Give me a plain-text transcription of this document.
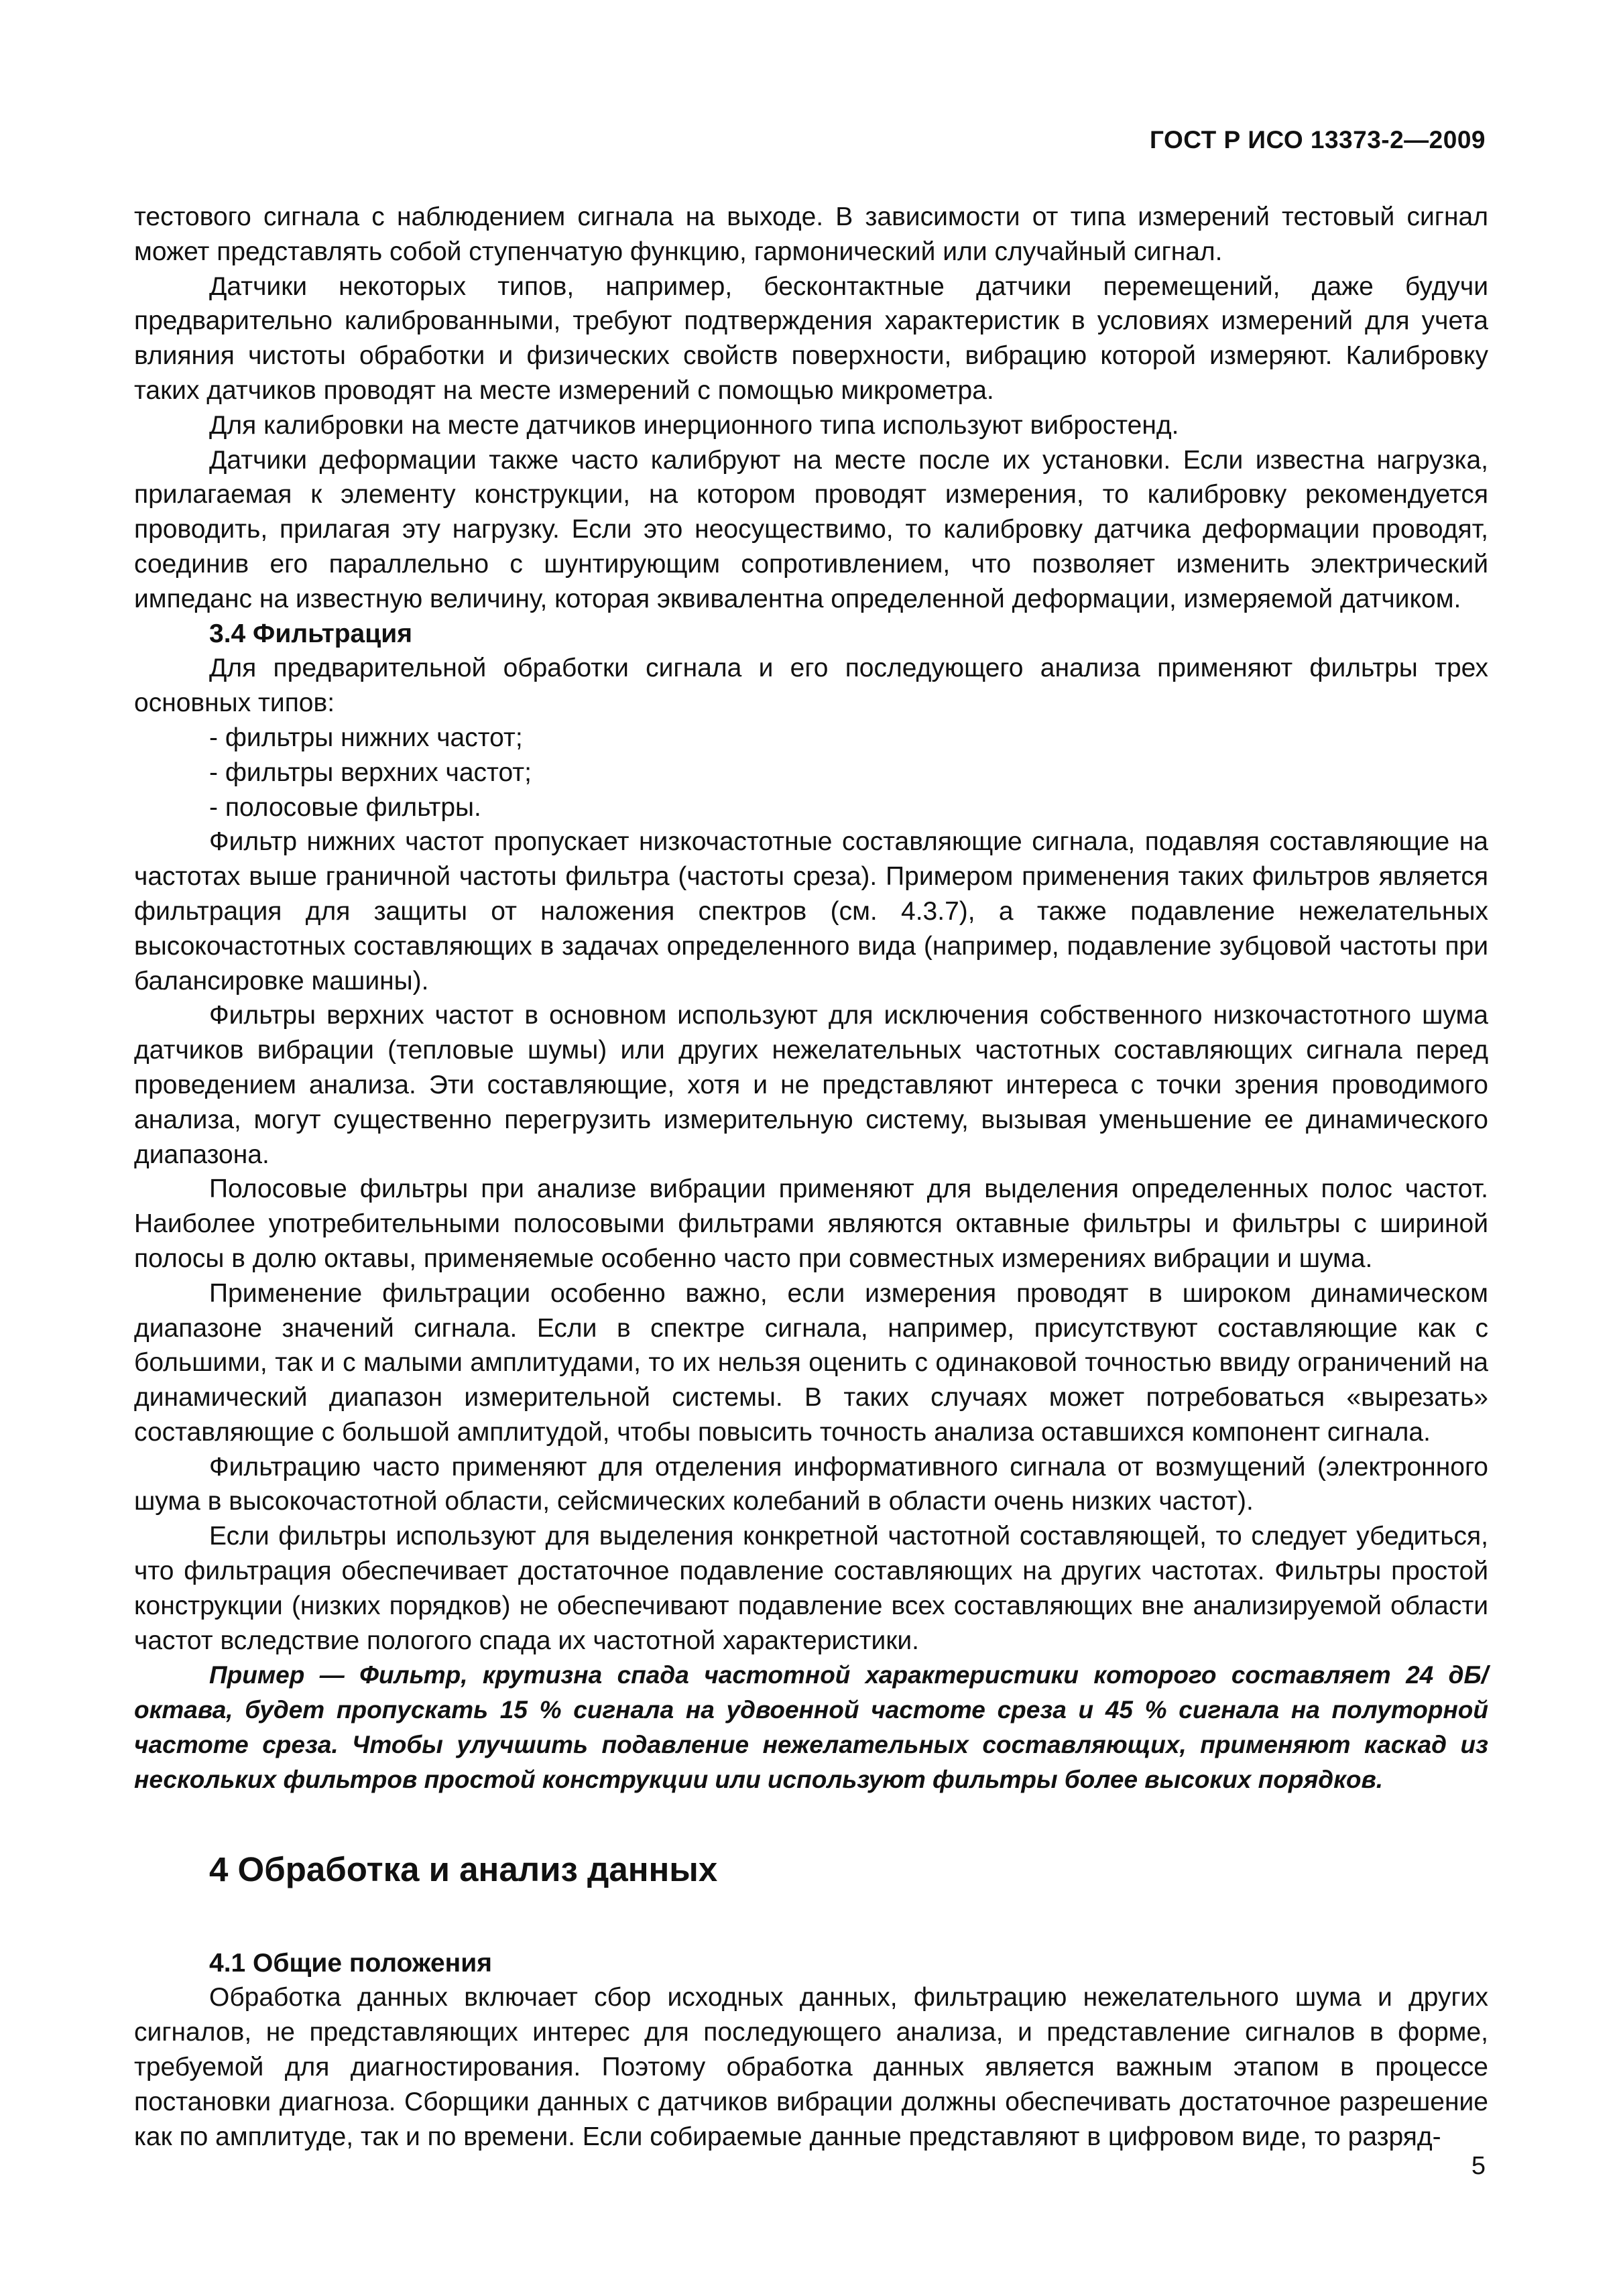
ГОСТ Р ИСО 13373-2—2009

тестового сигнала с наблюдением сигнала на выходе. В зависимости от типа измерений тестовый сигнал может представлять собой ступенчатую функцию, гармонический или случайный сигнал.

Датчики некоторых типов, например, бесконтактные датчики перемещений, даже будучи предварительно калиброванными, требуют подтверждения характеристик в условиях измерений для учета влияния чистоты обработки и физических свойств поверхности, вибрацию которой измеряют. Калибровку таких датчиков проводят на месте измерений с помощью микрометра.

Для калибровки на месте датчиков инерционного типа используют вибростенд.

Датчики деформации также часто калибруют на месте после их установки. Если известна нагрузка, прилагаемая к элементу конструкции, на котором проводят измерения, то калибровку рекомендуется проводить, прилагая эту нагрузку. Если это неосуществимо, то калибровку датчика деформации проводят, соединив его параллельно с шунтирующим сопротивлением, что позволяет изменить электрический импеданс на известную величину, которая эквивалентна определенной деформации, измеряемой датчиком.

3.4 Фильтрация

Для предварительной обработки сигнала и его последующего анализа применяют фильтры трех основных типов:

- фильтры нижних частот;
- фильтры верхних частот;
- полосовые фильтры.

Фильтр нижних частот пропускает низкочастотные составляющие сигнала, подавляя составляющие на частотах выше граничной частоты фильтра (частоты среза). Примером применения таких фильтров является фильтрация для защиты от наложения спектров (см. 4.3.7), а также подавление нежелательных высокочастотных составляющих в задачах определенного вида (например, подавление зубцовой частоты при балансировке машины).

Фильтры верхних частот в основном используют для исключения собственного низкочастотного шума датчиков вибрации (тепловые шумы) или других нежелательных частотных составляющих сигнала перед проведением анализа. Эти составляющие, хотя и не представляют интереса с точки зрения проводимого анализа, могут существенно перегрузить измерительную систему, вызывая уменьшение ее динамического диапазона.

Полосовые фильтры при анализе вибрации применяют для выделения определенных полос частот. Наиболее употребительными полосовыми фильтрами являются октавные фильтры и фильтры с шириной полосы в долю октавы, применяемые особенно часто при совместных измерениях вибрации и шума.

Применение фильтрации особенно важно, если измерения проводят в широком динамическом диапазоне значений сигнала. Если в спектре сигнала, например, присутствуют составляющие как с большими, так и с малыми амплитудами, то их нельзя оценить с одинаковой точностью ввиду ограничений на динамический диапазон измерительной системы. В таких случаях может потребоваться «вырезать» составляющие с большой амплитудой, чтобы повысить точность анализа оставшихся компонент сигнала.

Фильтрацию часто применяют для отделения информативного сигнала от возмущений (электронного шума в высокочастотной области, сейсмических колебаний в области очень низких частот).

Если фильтры используют для выделения конкретной частотной составляющей, то следует убедиться, что фильтрация обеспечивает достаточное подавление составляющих на других частотах. Фильтры простой конструкции (низких порядков) не обеспечивают подавление всех составляющих вне анализируемой области частот вследствие пологого спада их частотной характеристики.

Пример — Фильтр, крутизна спада частотной характеристики которого составляет 24 дБ/октава, будет пропускать 15 % сигнала на удвоенной частоте среза и 45 % сигнала на полуторной частоте среза. Чтобы улучшить подавление нежелательных составляющих, применяют каскад из нескольких фильтров простой конструкции или используют фильтры более высоких порядков.

4 Обработка и анализ данных
4.1 Общие положения

Обработка данных включает сбор исходных данных, фильтрацию нежелательного шума и других сигналов, не представляющих интерес для последующего анализа, и представление сигналов в форме, требуемой для диагностирования. Поэтому обработка данных является важным этапом в процессе постановки диагноза. Сборщики данных с датчиков вибрации должны обеспечивать достаточное разрешение как по амплитуде, так и по времени. Если собираемые данные представляют в цифровом виде, то разряд-

5
